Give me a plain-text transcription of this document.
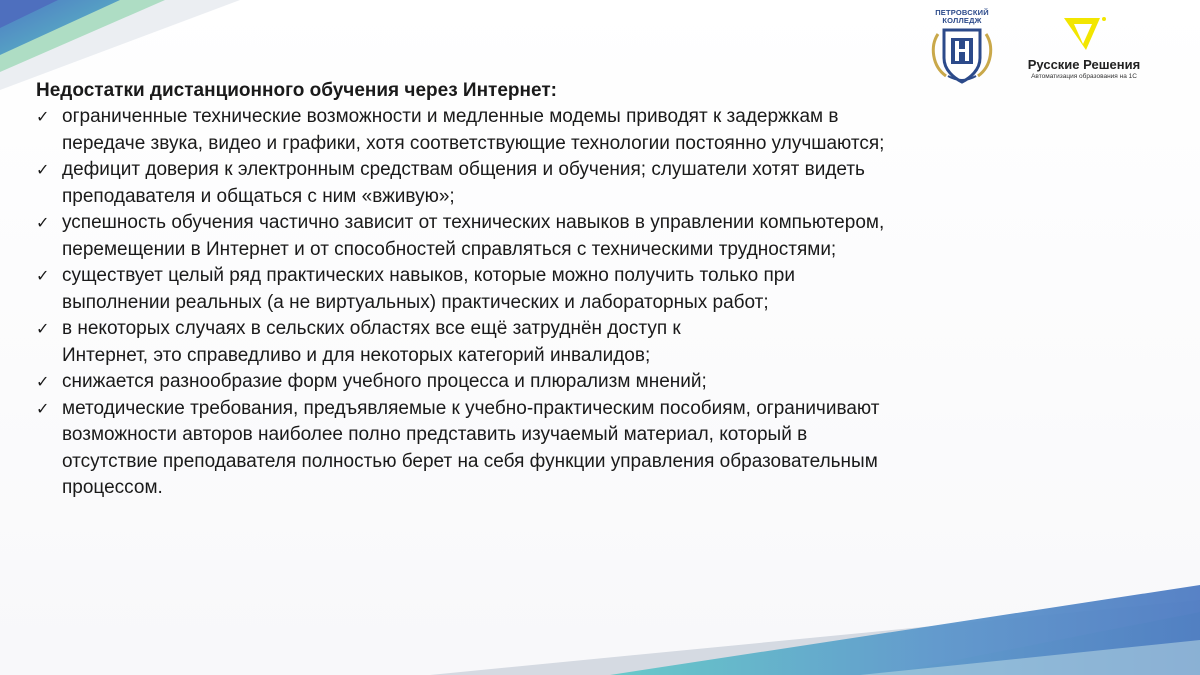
ПЕТРОВСКИЙ КОЛЛЕДЖ
Русские Решения
Автоматизация образования на 1С

Недостатки дистанционного обучения через Интернет:

✓ ограниченные технические возможности и медленные модемы приводят к задержкам в
передаче звука, видео и графики, хотя соответствующие технологии постоянно улучшаются;
✓ дефицит доверия к электронным средствам общения и обучения; слушатели хотят видеть
преподавателя и общаться с ним «вживую»;
✓ успешность обучения частично зависит от технических навыков в управлении компьютером,
перемещении в Интернет и от способностей справляться с техническими трудностями;
✓ существует целый ряд практических навыков, которые можно получить только при
выполнении реальных (а не виртуальных) практических и лабораторных работ;
✓ в некоторых случаях в сельских областях все ещё затруднён доступ к
Интернет, это справедливо и для некоторых категорий инвалидов;
✓ снижается разнообразие форм учебного процесса и плюрализм мнений;
✓ методические требования, предъявляемые к учебно-практическим пособиям, ограничивают
возможности авторов наиболее полно представить изучаемый материал, который в
отсутствие преподавателя полностью берет на себя функции управления образовательным
процессом.
